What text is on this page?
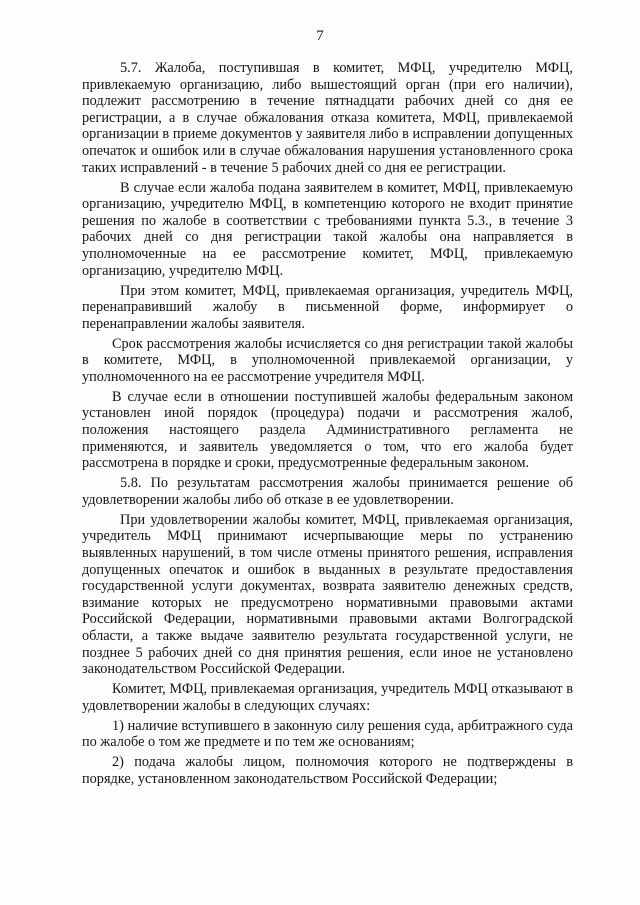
7

5.7. Жалоба, поступившая в комитет, МФЦ, учредителю МФЦ, привлекаемую организацию, либо вышестоящий орган (при его наличии), подлежит рассмотрению в течение пятнадцати рабочих дней со дня ее регистрации, а в случае обжалования отказа комитета, МФЦ, привлекаемой организации в приеме документов у заявителя либо в исправлении допущенных опечаток и ошибок или в случае обжалования нарушения установленного срока таких исправлений - в течение 5 рабочих дней со дня ее регистрации.

В случае если жалоба подана заявителем в комитет, МФЦ, привлекаемую организацию, учредителю МФЦ, в компетенцию которого не входит принятие решения по жалобе в соответствии с требованиями пункта 5.3., в течение 3 рабочих дней со дня регистрации такой жалобы она направляется в уполномоченные на ее рассмотрение комитет, МФЦ, привлекаемую организацию, учредителю МФЦ.

При этом комитет, МФЦ, привлекаемая организация, учредитель МФЦ, перенаправивший жалобу в письменной форме, информирует о перенаправлении жалобы заявителя.

Срок рассмотрения жалобы исчисляется со дня регистрации такой жалобы в комитете, МФЦ, в уполномоченной привлекаемой организации, у уполномоченного на ее рассмотрение учредителя МФЦ.

В случае если в отношении поступившей жалобы федеральным законом установлен иной порядок (процедура) подачи и рассмотрения жалоб, положения настоящего раздела Административного регламента не применяются, и заявитель уведомляется о том, что его жалоба будет рассмотрена в порядке и сроки, предусмотренные федеральным законом.

5.8. По результатам рассмотрения жалобы принимается решение об удовлетворении жалобы либо об отказе в ее удовлетворении.

При удовлетворении жалобы комитет, МФЦ, привлекаемая организация, учредитель МФЦ принимают исчерпывающие меры по устранению выявленных нарушений, в том числе отмены принятого решения, исправления допущенных опечаток и ошибок в выданных в результате предоставления государственной услуги документах, возврата заявителю денежных средств, взимание которых не предусмотрено нормативными правовыми актами Российской Федерации, нормативными правовыми актами Волгоградской области, а также выдаче заявителю результата государственной услуги, не позднее 5 рабочих дней со дня принятия решения, если иное не установлено законодательством Российской Федерации.

Комитет, МФЦ, привлекаемая организация, учредитель МФЦ отказывают в удовлетворении жалобы в следующих случаях:

1) наличие вступившего в законную силу решения суда, арбитражного суда по жалобе о том же предмете и по тем же основаниям;

2) подача жалобы лицом, полномочия которого не подтверждены в порядке, установленном законодательством Российской Федерации;
